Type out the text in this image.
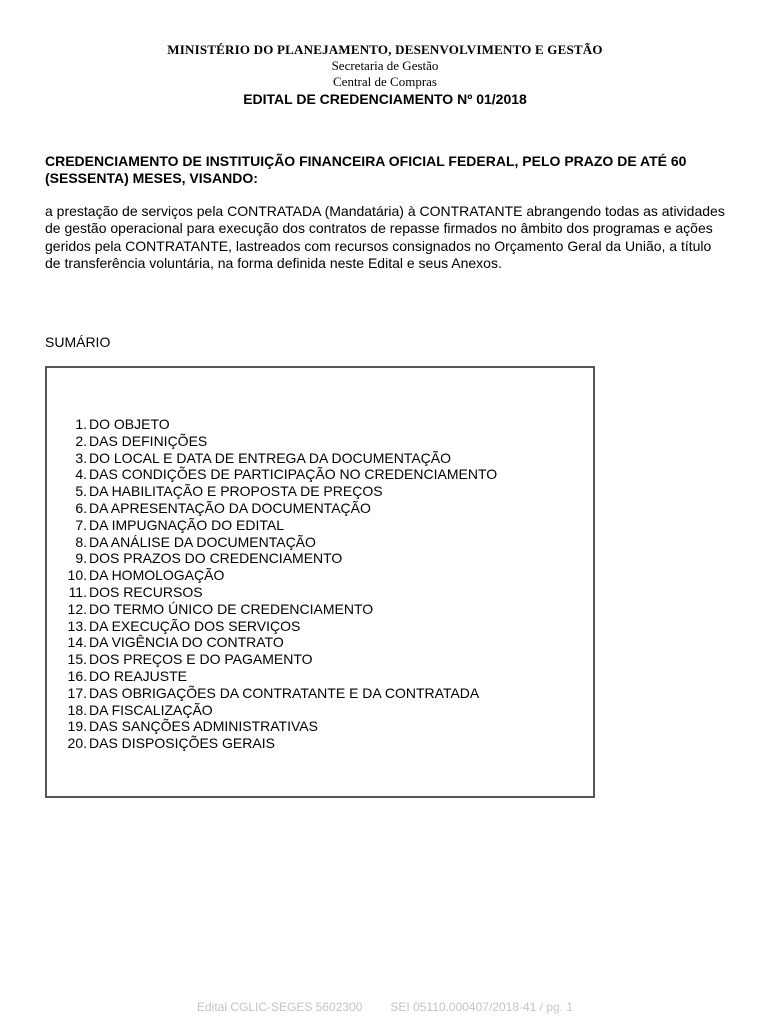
MINISTÉRIO DO PLANEJAMENTO, DESENVOLVIMENTO E GESTÃO
Secretaria de Gestão
Central de Compras
EDITAL DE CREDENCIAMENTO Nº 01/2018
CREDENCIAMENTO DE INSTITUIÇÃO FINANCEIRA OFICIAL FEDERAL, PELO PRAZO DE ATÉ 60 (SESSENTA) MESES, VISANDO:
a prestação de serviços pela CONTRATADA (Mandatária) à CONTRATANTE abrangendo todas as atividades de gestão operacional para execução dos contratos de repasse firmados no âmbito dos programas e ações geridos pela CONTRATANTE, lastreados com recursos consignados no Orçamento Geral da União, a título de transferência voluntária, na forma definida neste Edital e seus Anexos.
SUMÁRIO
1. DO OBJETO
2. DAS DEFINIÇÕES
3. DO LOCAL E DATA DE ENTREGA DA DOCUMENTAÇÃO
4. DAS CONDIÇÕES DE PARTICIPAÇÃO NO CREDENCIAMENTO
5. DA HABILITAÇÃO E PROPOSTA DE PREÇOS
6. DA APRESENTAÇÃO DA DOCUMENTAÇÃO
7. DA IMPUGNAÇÃO DO EDITAL
8. DA ANÁLISE DA DOCUMENTAÇÃO
9. DOS PRAZOS DO CREDENCIAMENTO
10. DA HOMOLOGAÇÃO
11. DOS RECURSOS
12. DO TERMO ÚNICO DE CREDENCIAMENTO
13. DA EXECUÇÃO DOS SERVIÇOS
14. DA VIGÊNCIA DO CONTRATO
15. DOS PREÇOS E DO PAGAMENTO
16. DO REAJUSTE
17. DAS OBRIGAÇÕES DA CONTRATANTE E DA CONTRATADA
18. DA FISCALIZAÇÃO
19. DAS SANÇÕES ADMINISTRATIVAS
20. DAS DISPOSIÇÕES GERAIS
Edital CGLIC-SEGES 5602300 SEI 05110.000407/2018-41 / pg. 1
